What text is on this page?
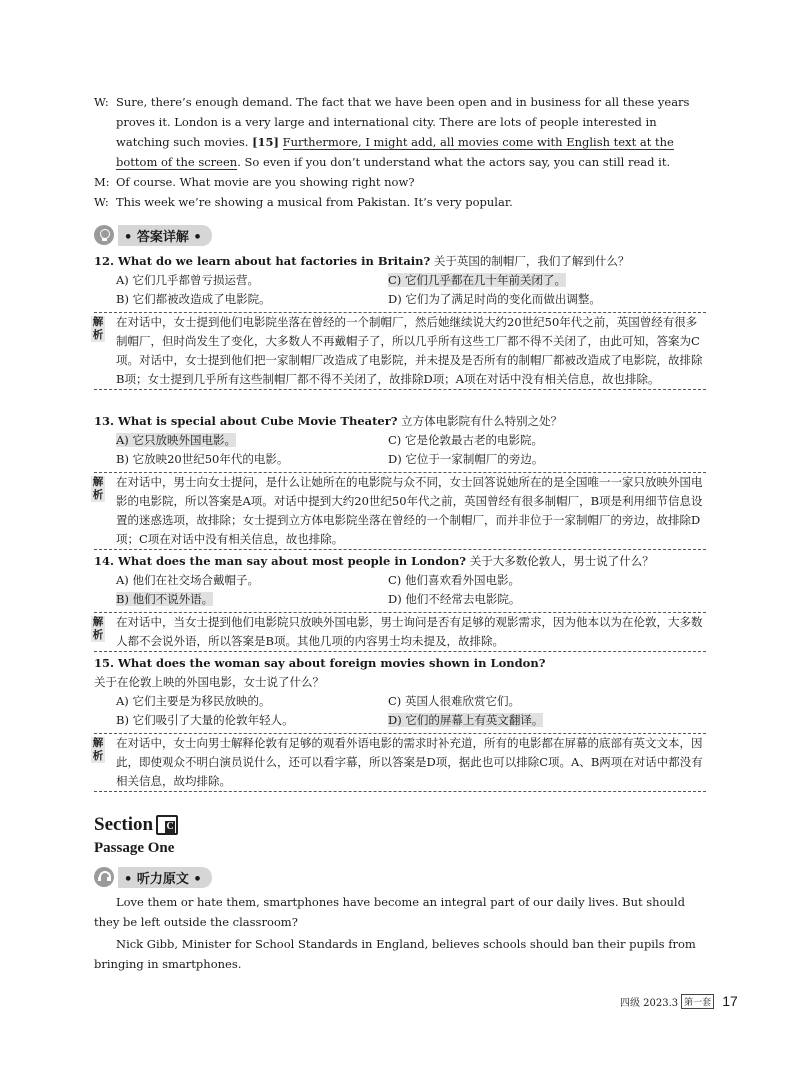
W: Sure, there’s enough demand. The fact that we have been open and in business for all these years proves it. London is a very large and international city. There are lots of people interested in watching such movies. [15] Furthermore, I might add, all movies come with English text at the bottom of the screen. So even if you don’t understand what the actors say, you can still read it.
M: Of course. What movie are you showing right now?
W: This week we’re showing a musical from Pakistan. It’s very popular.
• 答案详解 •
12. What do we learn about hat factories in Britain? 关于英国的制帽厂，我们了解到什么？
A) 它们几乎都曾亏损运营。	C) 它们几乎都在几十年前关闭了。
B) 它们都被改造成了电影院。	D) 它们为了满足时尚的变化而做出调整。
解析
在对话中，女士提到他们电影院坐落在曾经的一个制帽厂，然后她继续说大约20世纪50年代之前，英国曾经有很多制帽厂，但时尚发生了变化，大多数人不再戴帽子了，所以几乎所有这些工厂都不得不关闭了，由此可知，答案为C项。对话中，女士提到他们把一家制帽厂改造成了电影院，并未提及是否所有的制帽厂都被改造成了电影院，故排除B项；女士提到几乎所有这些制帽厂都不得不关闭了，故排除D项；A项在对话中没有相关信息，故也排除。
13. What is special about Cube Movie Theater? 立方体电影院有什么特别之处？
A) 它只放映外国电影。	C) 它是伦敦最古老的电影院。
B) 它放映20世纪50年代的电影。	D) 它位于一家制帽厂的旁边。
解析
在对话中，男士向女士提问，是什么让她所在的电影院与众不同，女士回答说她所在的是全国唯一一家只放映外国电影的电影院，所以答案是A项。对话中提到大约20世纪50年代之前，英国曾经有很多制帽厂，B项是利用细节信息设置的迷惑选项，故排除；女士提到立方体电影院坐落在曾经的一个制帽厂，而并非位于一家制帽厂的旁边，故排除D项；C项在对话中没有相关信息，故也排除。
14. What does the man say about most people in London? 关于大多数伦敦人，男士说了什么？
A) 他们在社交场合戴帽子。	C) 他们喜欢看外国电影。
B) 他们不说外语。	D) 他们不经常去电影院。
解析
在对话中，当女士提到他们电影院只放映外国电影，男士询问是否有足够的观影需求，因为他本以为在伦敦，大多数人都不会说外语，所以答案是B项。其他几项的内容男士均未提及，故排除。
15. What does the woman say about foreign movies shown in London?
关于在伦敦上映的外国电影，女士说了什么？
A) 它们主要是为移民放映的。	C) 英国人很难欣赏它们。
B) 它们吸引了大量的伦敦年轻人。	D) 它们的屏幕上有英文翻译。
解析
在对话中，女士向男士解释伦敦有足够的观看外语电影的需求时补充道，所有的电影都在屏幕的底部有英文文本，因此，即使观众不明白演员说什么，还可以看字幕，所以答案是D项，据此也可以排除C项。A、B两项在对话中都没有相关信息，故均排除。
Section C
Passage One
• 听力原文 •
Love them or hate them, smartphones have become an integral part of our daily lives. But should they be left outside the classroom?
Nick Gibb, Minister for School Standards in England, believes schools should ban their pupils from bringing in smartphones.
四级 2023.3 第一套 17
